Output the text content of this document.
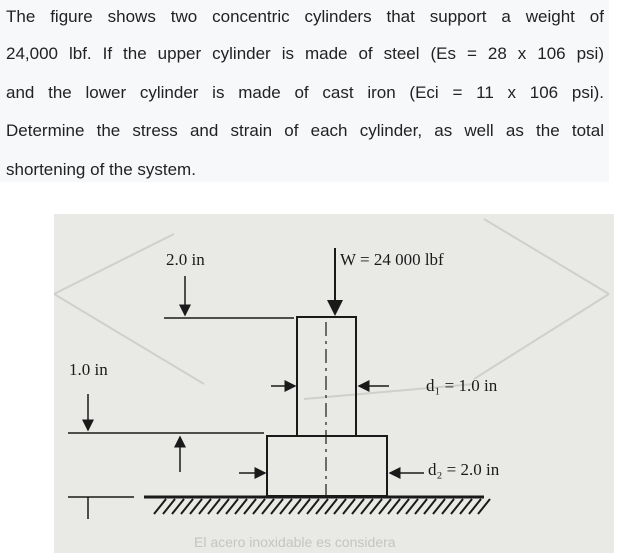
The figure shows two concentric cylinders that support a weight of
24,000 lbf. If the upper cylinder is made of steel (Es = 28 x 106 psi)
and the lower cylinder is made of cast iron (Eci = 11 x 106 psi).
Determine the stress and strain of each cylinder, as well as the total
shortening of the system.
W = 24 000 lbf
2.0 in
1.0 in
d₁ = 1.0 in
d₂ = 2.0 in
El acero inoxidable es considera
